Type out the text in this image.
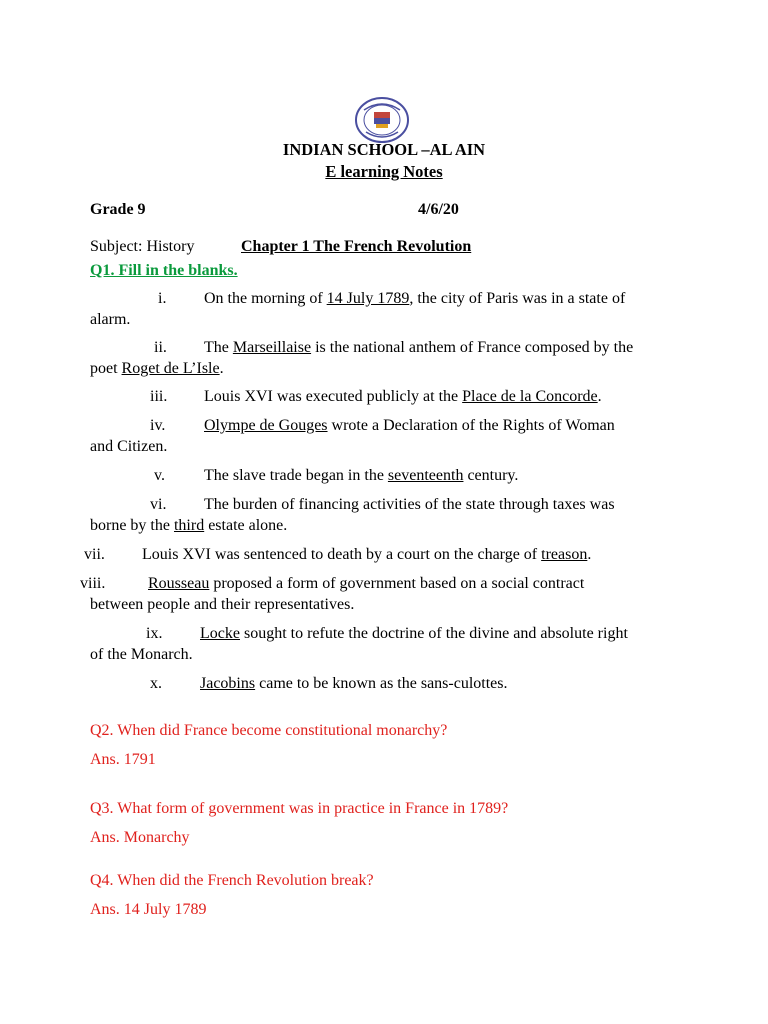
INDIAN SCHOOL –AL AIN
E learning Notes
Grade 9	4/6/20
Subject: History	Chapter 1 The French Revolution
Q1. Fill in the blanks.
i. On the morning of 14 July 1789, the city of Paris was in a state of
alarm.
ii. The Marseillaise is the national anthem of France composed by the
poet Roget de L’Isle.
iii. Louis XVI was executed publicly at the Place de la Concorde.
iv. Olympe de Gouges wrote a Declaration of the Rights of Woman
and Citizen.
v. The slave trade began in the seventeenth century.
vi. The burden of financing activities of the state through taxes was
borne by the third estate alone.
vii. Louis XVI was sentenced to death by a court on the charge of treason.
viii.	Rousseau proposed a form of government based on a social contract
between people and their representatives.
ix. Locke sought to refute the doctrine of the divine and absolute right
of the Monarch.
x. Jacobins came to be known as the sans-culottes.
Q2. When did France become constitutional monarchy?
Ans. 1791
Q3. What form of government was in practice in France in 1789?
Ans. Monarchy
Q4. When did the French Revolution break?
Ans. 14 July 1789
